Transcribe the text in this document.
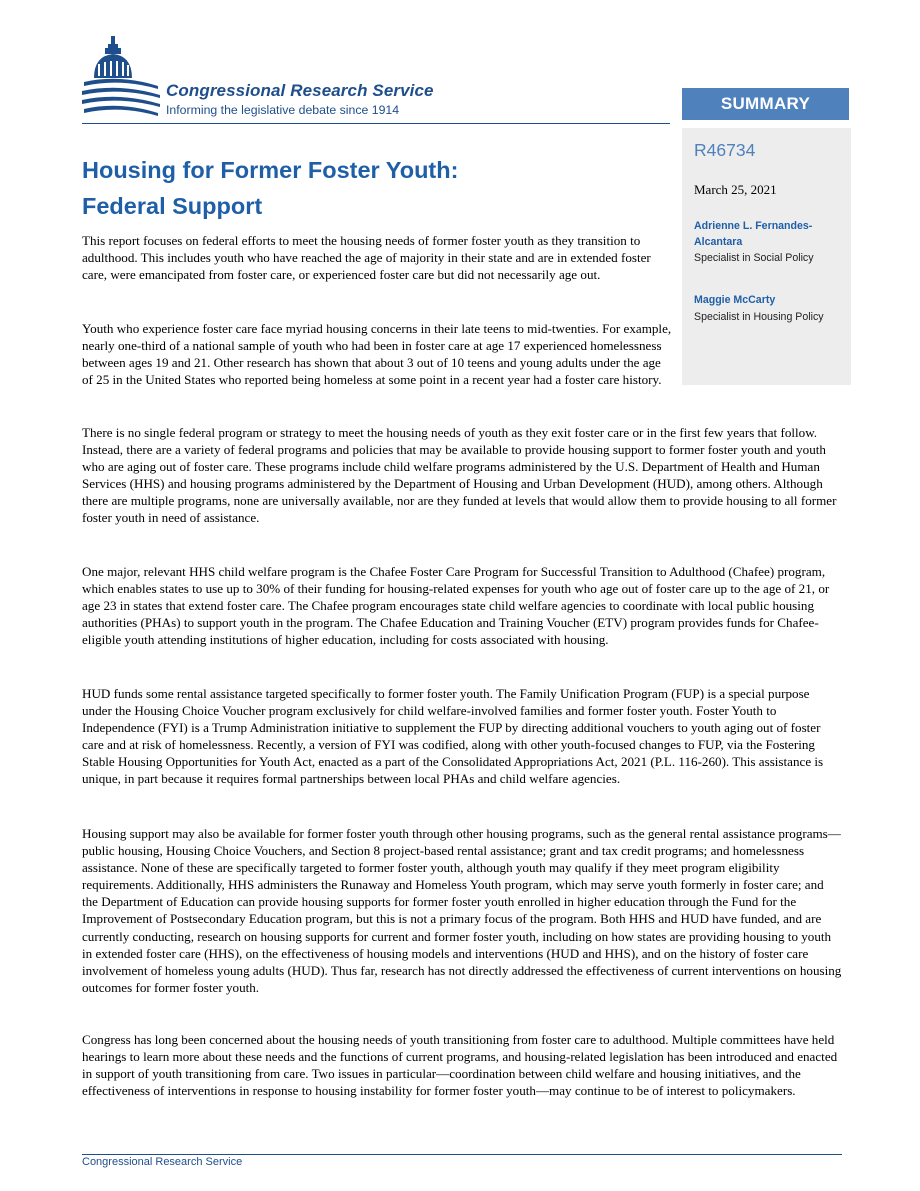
Congressional Research Service
Informing the legislative debate since 1914	SUMMARY
R46734
March 25, 2021
Adrienne L. Fernandes-Alcantara
Specialist in Social Policy
Maggie McCarty
Specialist in Housing Policy
Housing for Former Foster Youth:
Federal Support

This report focuses on federal efforts to meet the housing needs of former foster youth as they transition to adulthood. This includes youth who have reached the age of majority in their state and are in extended foster care, were emancipated from foster care, or experienced foster care but did not necessarily age out.

Youth who experience foster care face myriad housing concerns in their late teens to mid-twenties. For example, nearly one-third of a national sample of youth who had been in foster care at age 17 experienced homelessness between ages 19 and 21. Other research has shown that about 3 out of 10 teens and young adults under the age of 25 in the United States who reported being homeless at some point in a recent year had a foster care history.

There is no single federal program or strategy to meet the housing needs of youth as they exit foster care or in the first few years that follow. Instead, there are a variety of federal programs and policies that may be available to provide housing support to former foster youth and youth who are aging out of foster care. These programs include child welfare programs administered by the U.S. Department of Health and Human Services (HHS) and housing programs administered by the Department of Housing and Urban Development (HUD), among others. Although there are multiple programs, none are universally available, nor are they funded at levels that would allow them to provide housing to all former foster youth in need of assistance.

One major, relevant HHS child welfare program is the Chafee Foster Care Program for Successful Transition to Adulthood (Chafee) program, which enables states to use up to 30% of their funding for housing-related expenses for youth who age out of foster care up to the age of 21, or age 23 in states that extend foster care. The Chafee program encourages state child welfare agencies to coordinate with local public housing authorities (PHAs) to support youth in the program. The Chafee Education and Training Voucher (ETV) program provides funds for Chafee-eligible youth attending institutions of higher education, including for costs associated with housing.

HUD funds some rental assistance targeted specifically to former foster youth. The Family Unification Program (FUP) is a special purpose under the Housing Choice Voucher program exclusively for child welfare-involved families and former foster youth. Foster Youth to Independence (FYI) is a Trump Administration initiative to supplement the FUP by directing additional vouchers to youth aging out of foster care and at risk of homelessness. Recently, a version of FYI was codified, along with other youth-focused changes to FUP, via the Fostering Stable Housing Opportunities for Youth Act, enacted as a part of the Consolidated Appropriations Act, 2021 (P.L. 116-260). This assistance is unique, in part because it requires formal partnerships between local PHAs and child welfare agencies.

Housing support may also be available for former foster youth through other housing programs, such as the general rental assistance programs—public housing, Housing Choice Vouchers, and Section 8 project-based rental assistance; grant and tax credit programs; and homelessness assistance. None of these are specifically targeted to former foster youth, although youth may qualify if they meet program eligibility requirements. Additionally, HHS administers the Runaway and Homeless Youth program, which may serve youth formerly in foster care; and the Department of Education can provide housing supports for former foster youth enrolled in higher education through the Fund for the Improvement of Postsecondary Education program, but this is not a primary focus of the program. Both HHS and HUD have funded, and are currently conducting, research on housing supports for current and former foster youth, including on how states are providing housing to youth in extended foster care (HHS), on the effectiveness of housing models and interventions (HUD and HHS), and on the history of foster care involvement of homeless young adults (HUD). Thus far, research has not directly addressed the effectiveness of current interventions on housing outcomes for former foster youth.

Congress has long been concerned about the housing needs of youth transitioning from foster care to adulthood. Multiple committees have held hearings to learn more about these needs and the functions of current programs, and housing-related legislation has been introduced and enacted in support of youth transitioning from care. Two issues in particular—coordination between child welfare and housing initiatives, and the effectiveness of interventions in response to housing instability for former foster youth—may continue to be of interest to policymakers.

Congressional Research Service
